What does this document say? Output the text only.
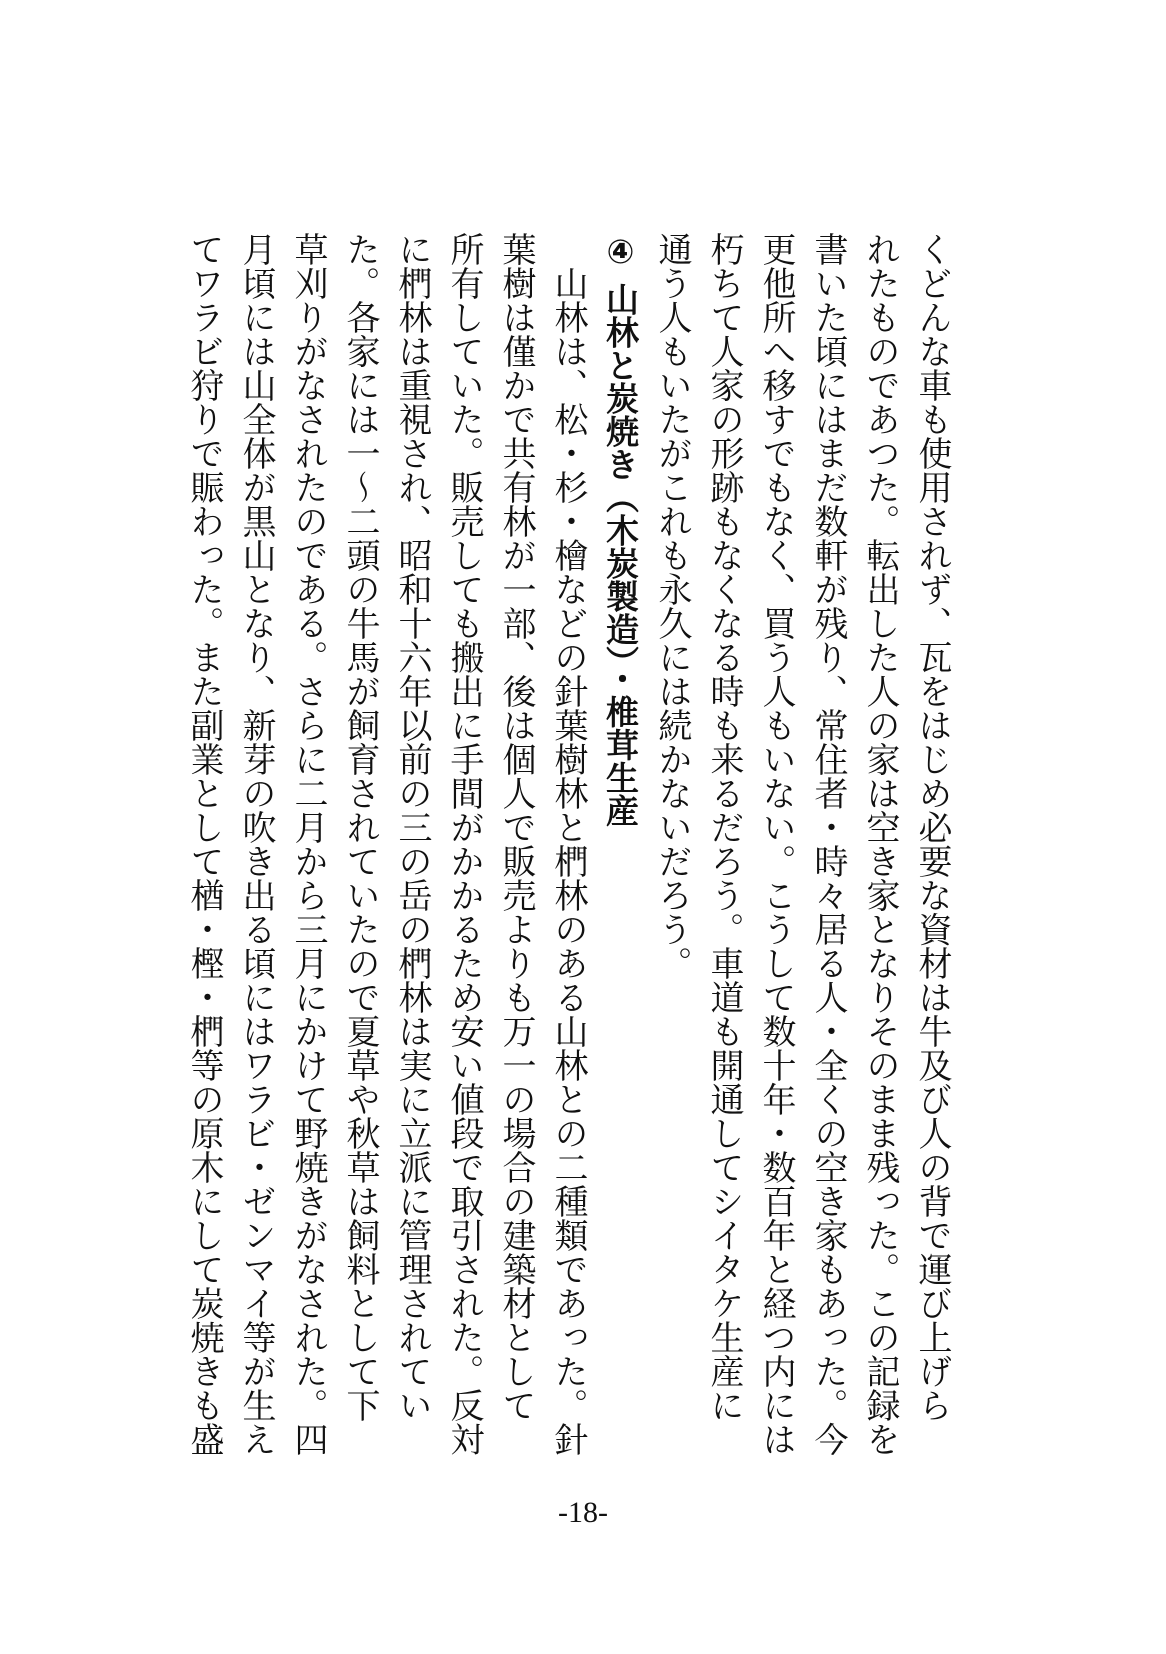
くどんな車も使用されず、瓦をはじめ必要な資材は牛及び人の背で運び上げら
れたものであつた。転出した人の家は空き家となりそのまま残った。この記録を
書いた頃にはまだ数軒が残り、常住者・時々居る人・全くの空き家もあった。今
更他所へ移すでもなく、買う人もいない。こうして数十年・数百年と経つ内には
朽ちて人家の形跡もなくなる時も来るだろう。車道も開通してシイタケ生産に
通う人もいたがこれも永久には続かないだろう。
④ 山林と炭焼き（木炭製造）・椎茸生産
　山林は、松・杉・檜などの針葉樹林と椚林のある山林との二種類であった。針
葉樹は僅かで共有林が一部、後は個人で販売よりも万一の場合の建築材として
所有していた。販売しても搬出に手間がかかるため安い値段で取引された。反対
に椚林は重視され、昭和十六年以前の三の岳の椚林は実に立派に管理されてい
た。各家には一～二頭の牛馬が飼育されていたので夏草や秋草は飼料として下
草刈りがなされたのである。さらに二月から三月にかけて野焼きがなされた。四
月頃には山全体が黒山となり、新芽の吹き出る頃にはワラビ・ゼンマイ等が生え
てワラビ狩りで賑わった。また副業として楢・樫・椚等の原木にして炭焼きも盛
-18-
